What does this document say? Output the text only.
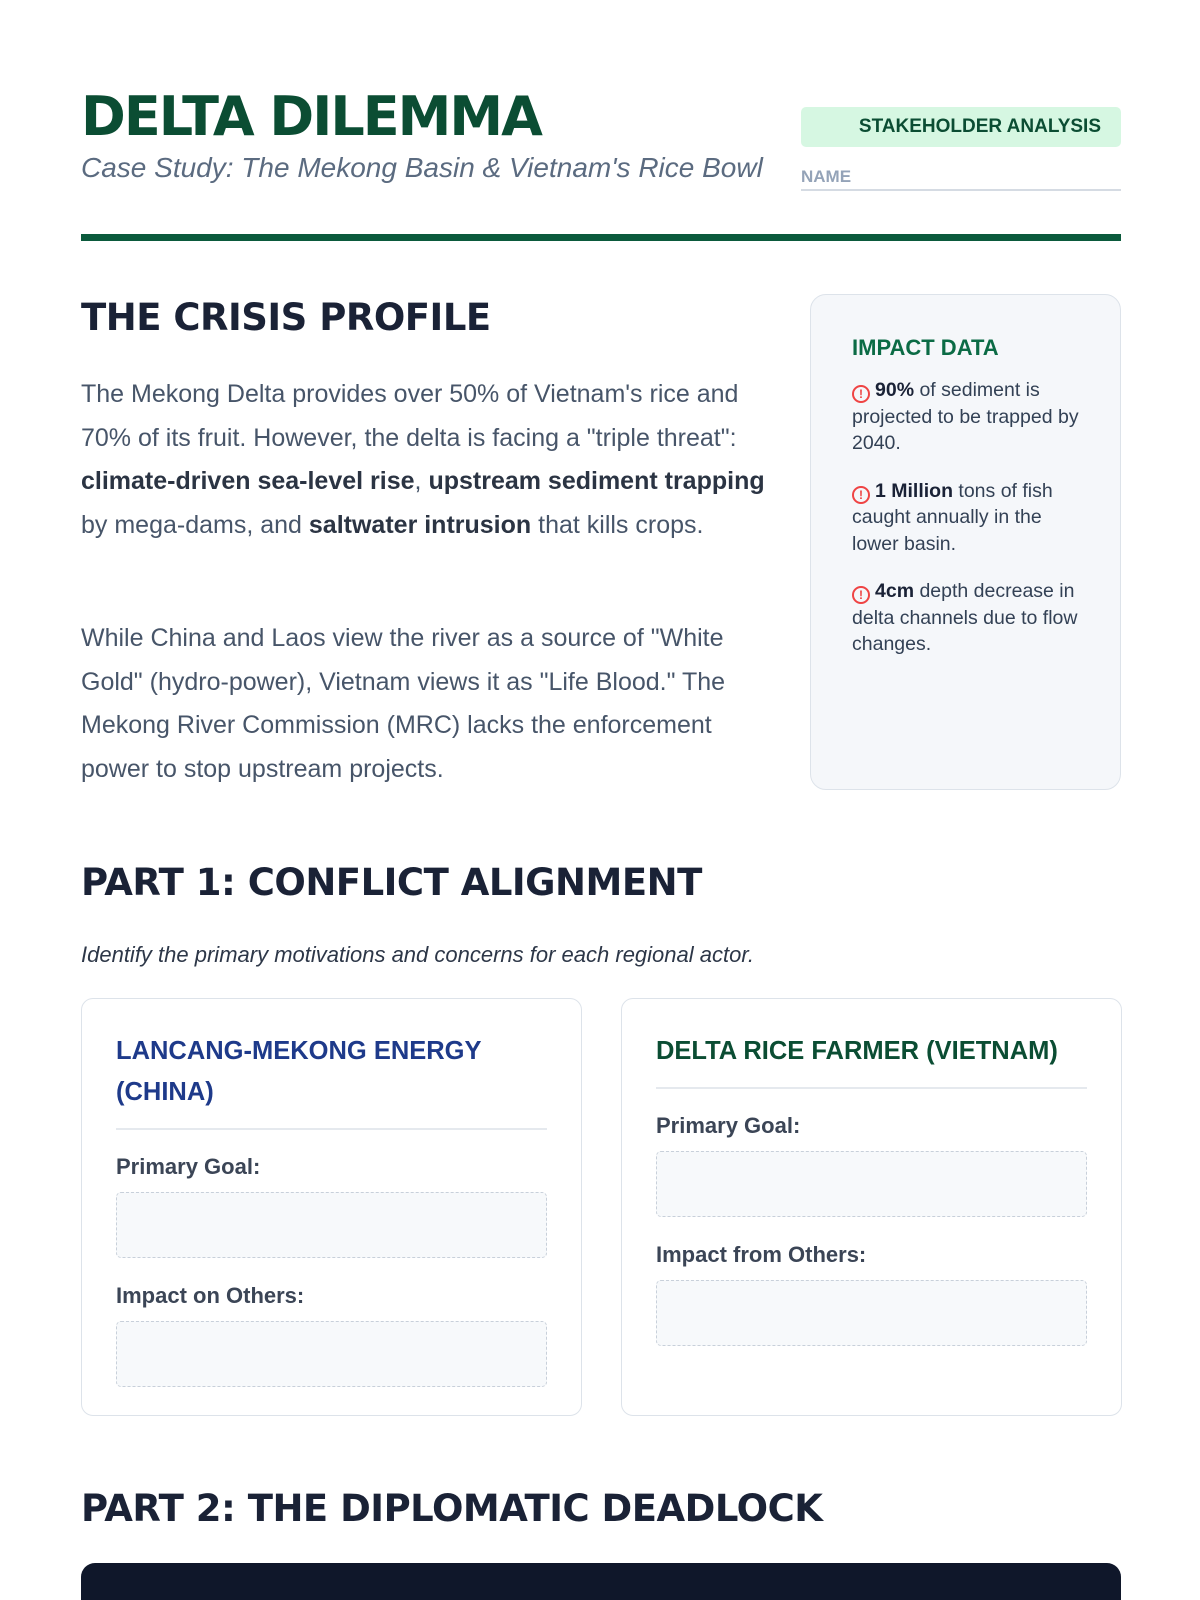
DELTA DILEMMA
Case Study: The Mekong Basin & Vietnam's Rice Bowl
STAKEHOLDER ANALYSIS
NAME
THE CRISIS PROFILE

The Mekong Delta provides over 50% of Vietnam's rice and 70% of its fruit. However, the delta is facing a "triple threat": climate-driven sea-level rise, upstream sediment trapping by mega-dams, and saltwater intrusion that kills crops.

While China and Laos view the river as a source of "White Gold" (hydro-power), Vietnam views it as "Life Blood." The Mekong River Commission (MRC) lacks the enforcement power to stop upstream projects.

IMPACT DATA
! 90% of sediment is projected to be trapped by 2040.
! 1 Million tons of fish caught annually in the lower basin.
! 4cm depth decrease in delta channels due to flow changes.
PART 1: CONFLICT ALIGNMENT

Identify the primary motivations and concerns for each regional actor.

LANCANG-MEKONG ENERGY (CHINA)
Primary Goal:
Impact on Others:
DELTA RICE FARMER (VIETNAM)
Primary Goal:
Impact from Others:
PART 2: THE DIPLOMATIC DEADLOCK
